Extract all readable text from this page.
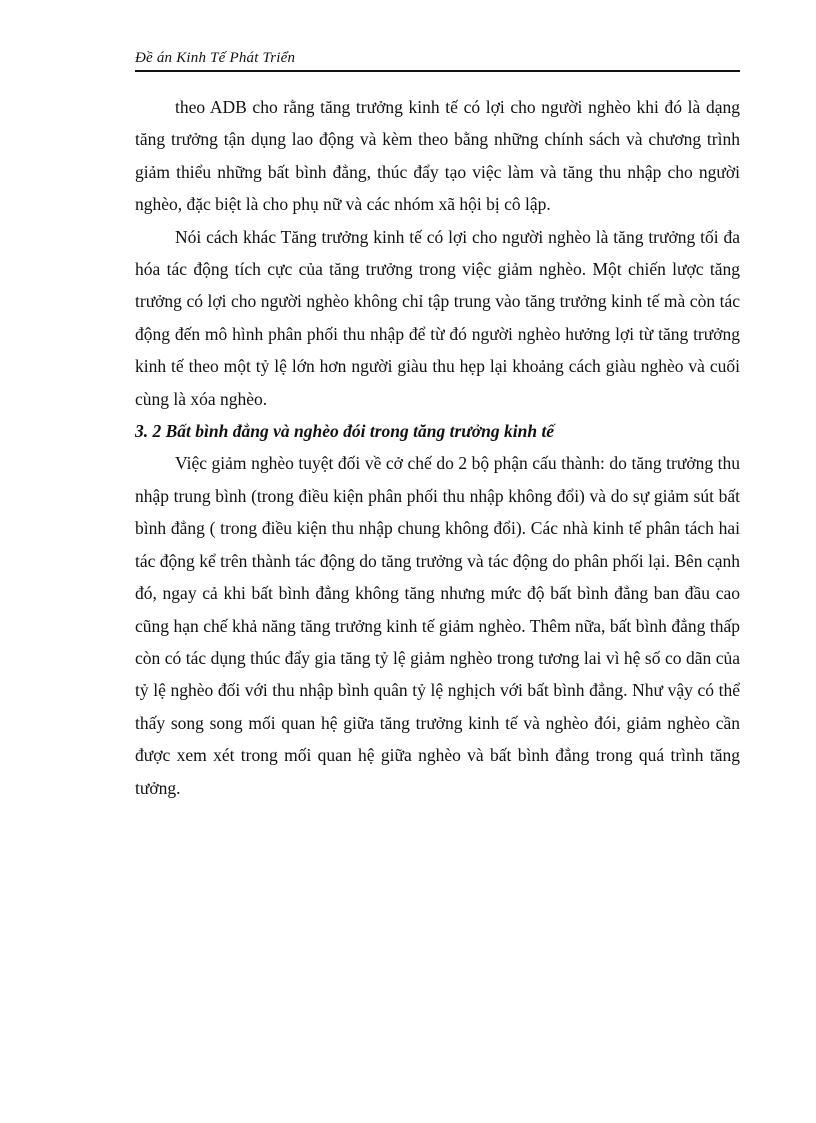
Đề án Kinh Tế Phát Triển

theo ADB cho rằng tăng trưởng kinh tế có lợi cho người nghèo khi đó là dạng tăng trưởng tận dụng lao động và kèm theo bằng những chính sách và chương trình giảm thiểu những bất bình đẳng, thúc đẩy tạo việc làm và tăng thu nhập cho người nghèo, đặc biệt là cho phụ nữ và các nhóm xã hội bị cô lập.

Nói cách khác Tăng trưởng kinh tế có lợi cho người nghèo là tăng trưởng tối đa hóa tác động tích cực của tăng trưởng trong việc giảm nghèo. Một chiến lược tăng trưởng có lợi cho người nghèo không chỉ tập trung vào tăng trưởng kinh tế mà còn tác động đến mô hình phân phối thu nhập để từ đó người nghèo hưởng lợi từ tăng trưởng kinh tế theo một tỷ lệ lớn hơn người giàu thu hẹp lại khoảng cách giàu nghèo và cuối cùng là xóa nghèo.

3. 2 Bất bình đẳng và nghèo đói trong tăng trưởng kinh tế

Việc giảm nghèo tuyệt đối về cở chế do 2 bộ phận cấu thành: do tăng trưởng thu nhập trung bình (trong điều kiện phân phối thu nhập không đổi) và do sự giảm sút bất bình đẳng ( trong điều kiện thu nhập chung không đổi). Các nhà kinh tế phân tách hai tác động kể trên thành tác động do tăng trưởng và tác động do phân phối lại. Bên cạnh đó, ngay cả khi bất bình đẳng không tăng nhưng mức độ bất bình đẳng ban đầu cao cũng hạn chế khả năng tăng trưởng kinh tế giảm nghèo. Thêm nữa, bất bình đẳng thấp còn có tác dụng thúc đẩy gia tăng tỷ lệ giảm nghèo trong tương lai vì hệ số co dãn của tỷ lệ nghèo đối với thu nhập bình quân tỷ lệ nghịch với bất bình đẳng. Như vậy có thể thấy song song mối quan hệ giữa tăng trưởng kinh tế và nghèo đói, giảm nghèo cần được xem xét trong mối quan hệ giữa nghèo và bất bình đẳng trong quá trình tăng tưởng.
